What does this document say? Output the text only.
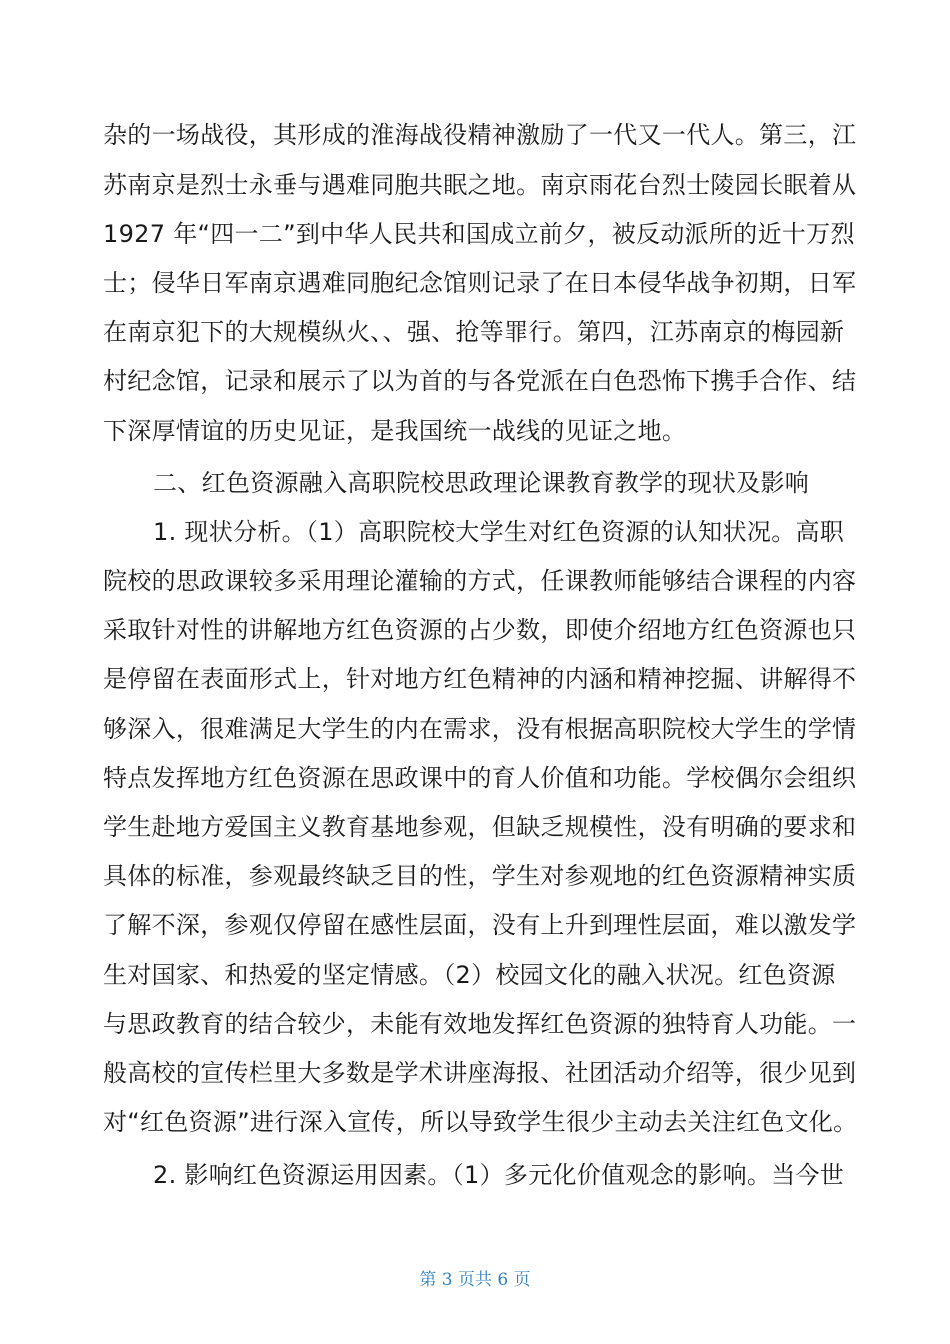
杂的一场战役，其形成的淮海战役精神激励了一代又一代人。第三，江
苏南京是烈士永垂与遇难同胞共眠之地。南京雨花台烈士陵园长眠着从
1927 年“四一二”到中华人民共和国成立前夕，被反动派所的近十万烈
士；侵华日军南京遇难同胞纪念馆则记录了在日本侵华战争初期，日军
在南京犯下的大规模纵火、、强、抢等罪行。第四，江苏南京的梅园新
村纪念馆，记录和展示了以为首的与各党派在白色恐怖下携手合作、结
下深厚情谊的历史见证，是我国统一战线的见证之地。
二、红色资源融入高职院校思政理论课教育教学的现状及影响
1. 现状分析。（1）高职院校大学生对红色资源的认知状况。高职
院校的思政课较多采用理论灌输的方式，任课教师能够结合课程的内容
采取针对性的讲解地方红色资源的占少数，即使介绍地方红色资源也只
是停留在表面形式上，针对地方红色精神的内涵和精神挖掘、讲解得不
够深入，很难满足大学生的内在需求，没有根据高职院校大学生的学情
特点发挥地方红色资源在思政课中的育人价值和功能。学校偶尔会组织
学生赴地方爱国主义教育基地参观，但缺乏规模性，没有明确的要求和
具体的标准，参观最终缺乏目的性，学生对参观地的红色资源精神实质
了解不深，参观仅停留在感性层面，没有上升到理性层面，难以激发学
生对国家、和热爱的坚定情感。（2）校园文化的融入状况。红色资源
与思政教育的结合较少，未能有效地发挥红色资源的独特育人功能。一
般高校的宣传栏里大多数是学术讲座海报、社团活动介绍等，很少见到
对“红色资源”进行深入宣传，所以导致学生很少主动去关注红色文化。
2. 影响红色资源运用因素。（1）多元化价值观念的影响。当今世
第 3 页共 6 页
